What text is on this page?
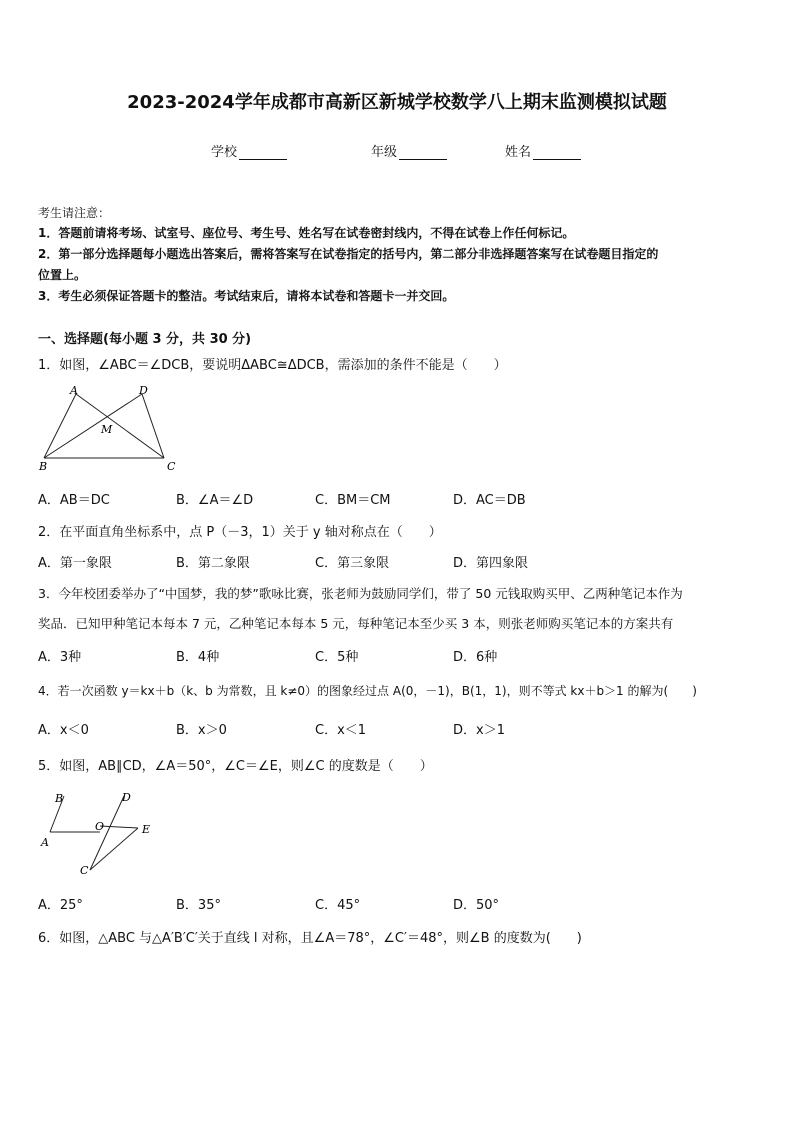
2023-2024学年成都市高新区新城学校数学八上期末监测模拟试题
学校	年级	姓名
考生请注意：
1．答题前请将考场、试室号、座位号、考生号、姓名写在试卷密封线内，不得在试卷上作任何标记。
2．第一部分选择题每小题选出答案后，需将答案写在试卷指定的括号内，第二部分非选择题答案写在试卷题目指定的
位置上。
3．考生必须保证答题卡的整洁。考试结束后，请将本试卷和答题卡一并交回。
一、选择题(每小题 3 分，共 30 分)
1．如图，∠ABC＝∠DCB，要说明ΔABC≅ΔDCB，需添加的条件不能是（　　）
A	D
M
B	C
A．AB＝DC	B．∠A＝∠D	C．BM＝CM	D．AC＝DB
2．在平面直角坐标系中，点 P（－3，1）关于 y 轴对称点在（　　）
A．第一象限	B．第二象限	C．第三象限	D．第四象限
3．今年校团委举办了“中国梦，我的梦”歌咏比赛，张老师为鼓励同学们，带了 50 元钱取购买甲、乙两种笔记本作为
奖品．已知甲种笔记本每本 7 元，乙种笔记本每本 5 元，每种笔记本至少买 3 本，则张老师购买笔记本的方案共有
A．3种	B．4种	C．5种	D．6种
4．若一次函数 y＝kx＋b（k、b 为常数，且 k≠0）的图象经过点 A(0，－1)，B(1，1)，则不等式 kx＋b＞1 的解为(　　)
A．x＜0	B．x＞0	C．x＜1	D．x＞1
5．如图，AB∥CD，∠A＝50°，∠C＝∠E，则∠C 的度数是（　　）
B	D
O	E
A
C
A．25°	B．35°	C．45°	D．50°
6．如图，△ABC 与△A′B′C′关于直线 l 对称，且∠A＝78°，∠C′＝48°，则∠B 的度数为(　　)
